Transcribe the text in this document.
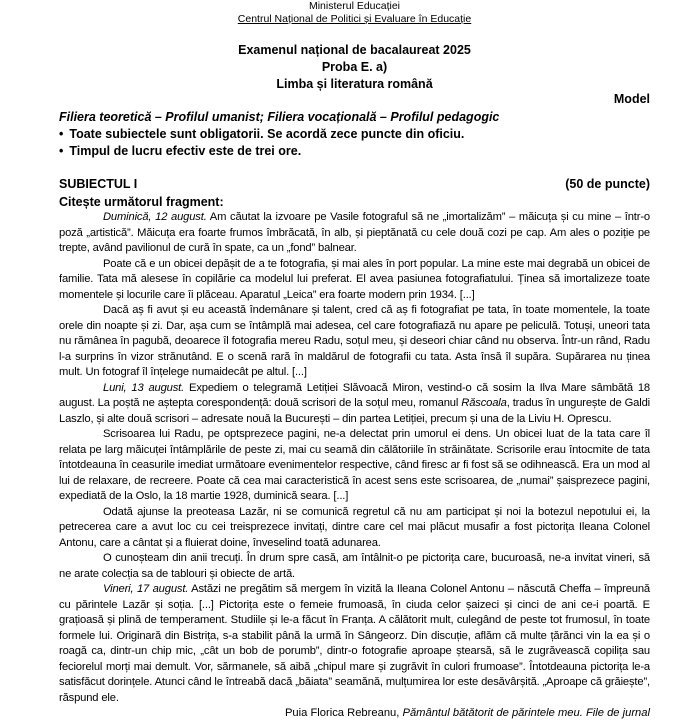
Ministerul Educației
Centrul Național de Politici și Evaluare în Educație
Examenul național de bacalaureat 2025
Proba E. a)
Limba și literatura română
Model
Filiera teoretică – Profilul umanist; Filiera vocațională – Profilul pedagogic
• Toate subiectele sunt obligatorii. Se acordă zece puncte din oficiu.
• Timpul de lucru efectiv este de trei ore.
SUBIECTUL I	(50 de puncte)
Citește următorul fragment:

Duminică, 12 august. Am căutat la izvoare pe Vasile fotograful să ne „imortalizăm” – măicuța și cu mine – într-o poză „artistică”. Măicuța era foarte frumos îmbrăcată, în alb, și pieptănată cu cele două cozi pe cap. Am ales o poziție pe trepte, având pavilionul de cură în spate, ca un „fond” balnear.

Poate că e un obicei depășit de a te fotografia, și mai ales în port popular. La mine este mai degrabă un obicei de familie. Tata mă alesese în copilărie ca modelul lui preferat. El avea pasiunea fotografiatului. Ținea să imortalizeze toate momentele și locurile care îi plăceau. Aparatul „Leica” era foarte modern prin 1934. [...]

Dacă aș fi avut și eu această îndemânare și talent, cred că aș fi fotografiat pe tata, în toate momentele, la toate orele din noapte și zi. Dar, așa cum se întâmplă mai adesea, cel care fotografiază nu apare pe peliculă. Totuși, uneori tata nu rămânea în pagubă, deoarece îl fotografia mereu Radu, soțul meu, și deseori chiar când nu observa. Într-un rând, Radu l-a surprins în vizor strănutând. E o scenă rară în maldărul de fotografii cu tata. Asta însă îl supăra. Supărarea nu ținea mult. Un fotograf îl înțelege numaidecât pe altul. [...]

Luni, 13 august. Expediem o telegramă Letiției Slăvoacă Miron, vestind-o că sosim la Ilva Mare sâmbătă 18 august. La poștă ne aștepta corespondență: două scrisori de la soțul meu, romanul Răscoala, tradus în ungurește de Galdi Laszlo, și alte două scrisori – adresate nouă la București – din partea Letiției, precum și una de la Liviu H. Oprescu.

Scrisoarea lui Radu, pe optsprezece pagini, ne-a delectat prin umorul ei dens. Un obicei luat de la tata care îl relata pe larg măicuței întâmplările de peste zi, mai cu seamă din călătoriile în străinătate. Scrisorile erau întocmite de tata întotdeauna în ceasurile imediat următoare evenimentelor respective, când firesc ar fi fost să se odihnească. Era un mod al lui de relaxare, de recreere. Poate că cea mai caracteristică în acest sens este scrisoarea, de „numai” șaisprezece pagini, expediată de la Oslo, la 18 martie 1928, duminică seara. [...]

Odată ajunse la preoteasa Lazăr, ni se comunică regretul că nu am participat și noi la botezul nepotului ei, la petrecerea care a avut loc cu cei treisprezece invitați, dintre care cel mai plăcut musafir a fost pictorița Ileana Colonel Antonu, care a cântat și a fluierat doine, înveselind toată adunarea.

O cunoșteam din anii trecuți. În drum spre casă, am întâlnit-o pe pictorița care, bucuroasă, ne-a invitat vineri, să ne arate colecția sa de tablouri și obiecte de artă.

Vineri, 17 august. Astăzi ne pregătim să mergem în vizită la Ileana Colonel Antonu – născută Cheffa – împreună cu părintele Lazăr și soția. [...] Pictorița este o femeie frumoasă, în ciuda celor șaizeci și cinci de ani ce-i poartă. E grațioasă și plină de temperament. Studiile și le-a făcut în Franța. A călătorit mult, culegând de peste tot frumosul, în toate formele lui. Originară din Bistrița, s-a stabilit până la urmă în Sângeorz. Din discuție, aflăm că multe țărănci vin la ea și o roagă ca, dintr-un chip mic, „cât un bob de porumb”, dintr-o fotografie aproape ștearsă, să le zugrăvească copilița sau feciorelul morți mai demult. Vor, sărmanele, să aibă „chipul mare și zugrăvit în culori frumoase”. Întotdeauna pictorița le-a satisfăcut dorințele. Atunci când le întreabă dacă „băiata” seamănă, mulțumirea lor este desăvârșită. „Aproape că grăiește”, răspund ele.

Puia Florica Rebreanu, Pământul bătătorit de părintele meu. File de jurnal
